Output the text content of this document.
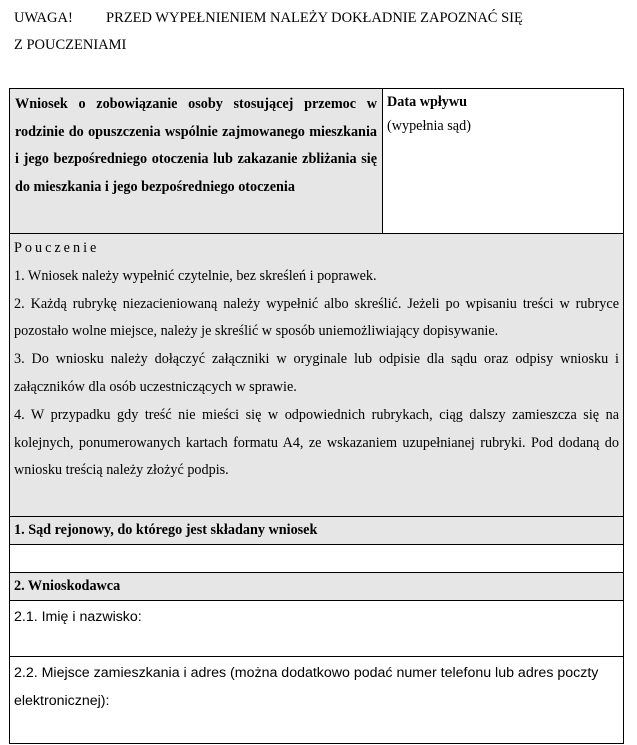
UWAGA! PRZED WYPEŁNIENIEM NALEŻY DOKŁADNIE ZAPOZNAĆ SIĘ
Z POUCZENIAMI
Wniosek o zobowiązanie osoby stosującej przemoc w rodzinie do opuszczenia wspólnie zajmowanego mieszkania i jego bezpośredniego otoczenia lub zakazanie zbliżania się do mieszkania i jego bezpośredniego otoczenia
Data wpływu
(wypełnia sąd)

Pouczenie

1. Wniosek należy wypełnić czytelnie, bez skreśleń i poprawek.

2. Każdą rubrykę niezacieniowaną należy wypełnić albo skreślić. Jeżeli po wpisaniu treści w rubryce pozostało wolne miejsce, należy je skreślić w sposób uniemożliwiający dopisywanie.

3. Do wniosku należy dołączyć załączniki w oryginale lub odpisie dla sądu oraz odpisy wniosku i załączników dla osób uczestniczących w sprawie.

4. W przypadku gdy treść nie mieści się w odpowiednich rubrykach, ciąg dalszy zamieszcza się na kolejnych, ponumerowanych kartach formatu A4, ze wskazaniem uzupełnianej rubryki. Pod dodaną do wniosku treścią należy złożyć podpis.

1. Sąd rejonowy, do którego jest składany wniosek
2. Wnioskodawca
2.1. Imię i nazwisko:
2.2. Miejsce zamieszkania i adres (można dodatkowo podać numer telefonu lub adres poczty elektronicznej):
